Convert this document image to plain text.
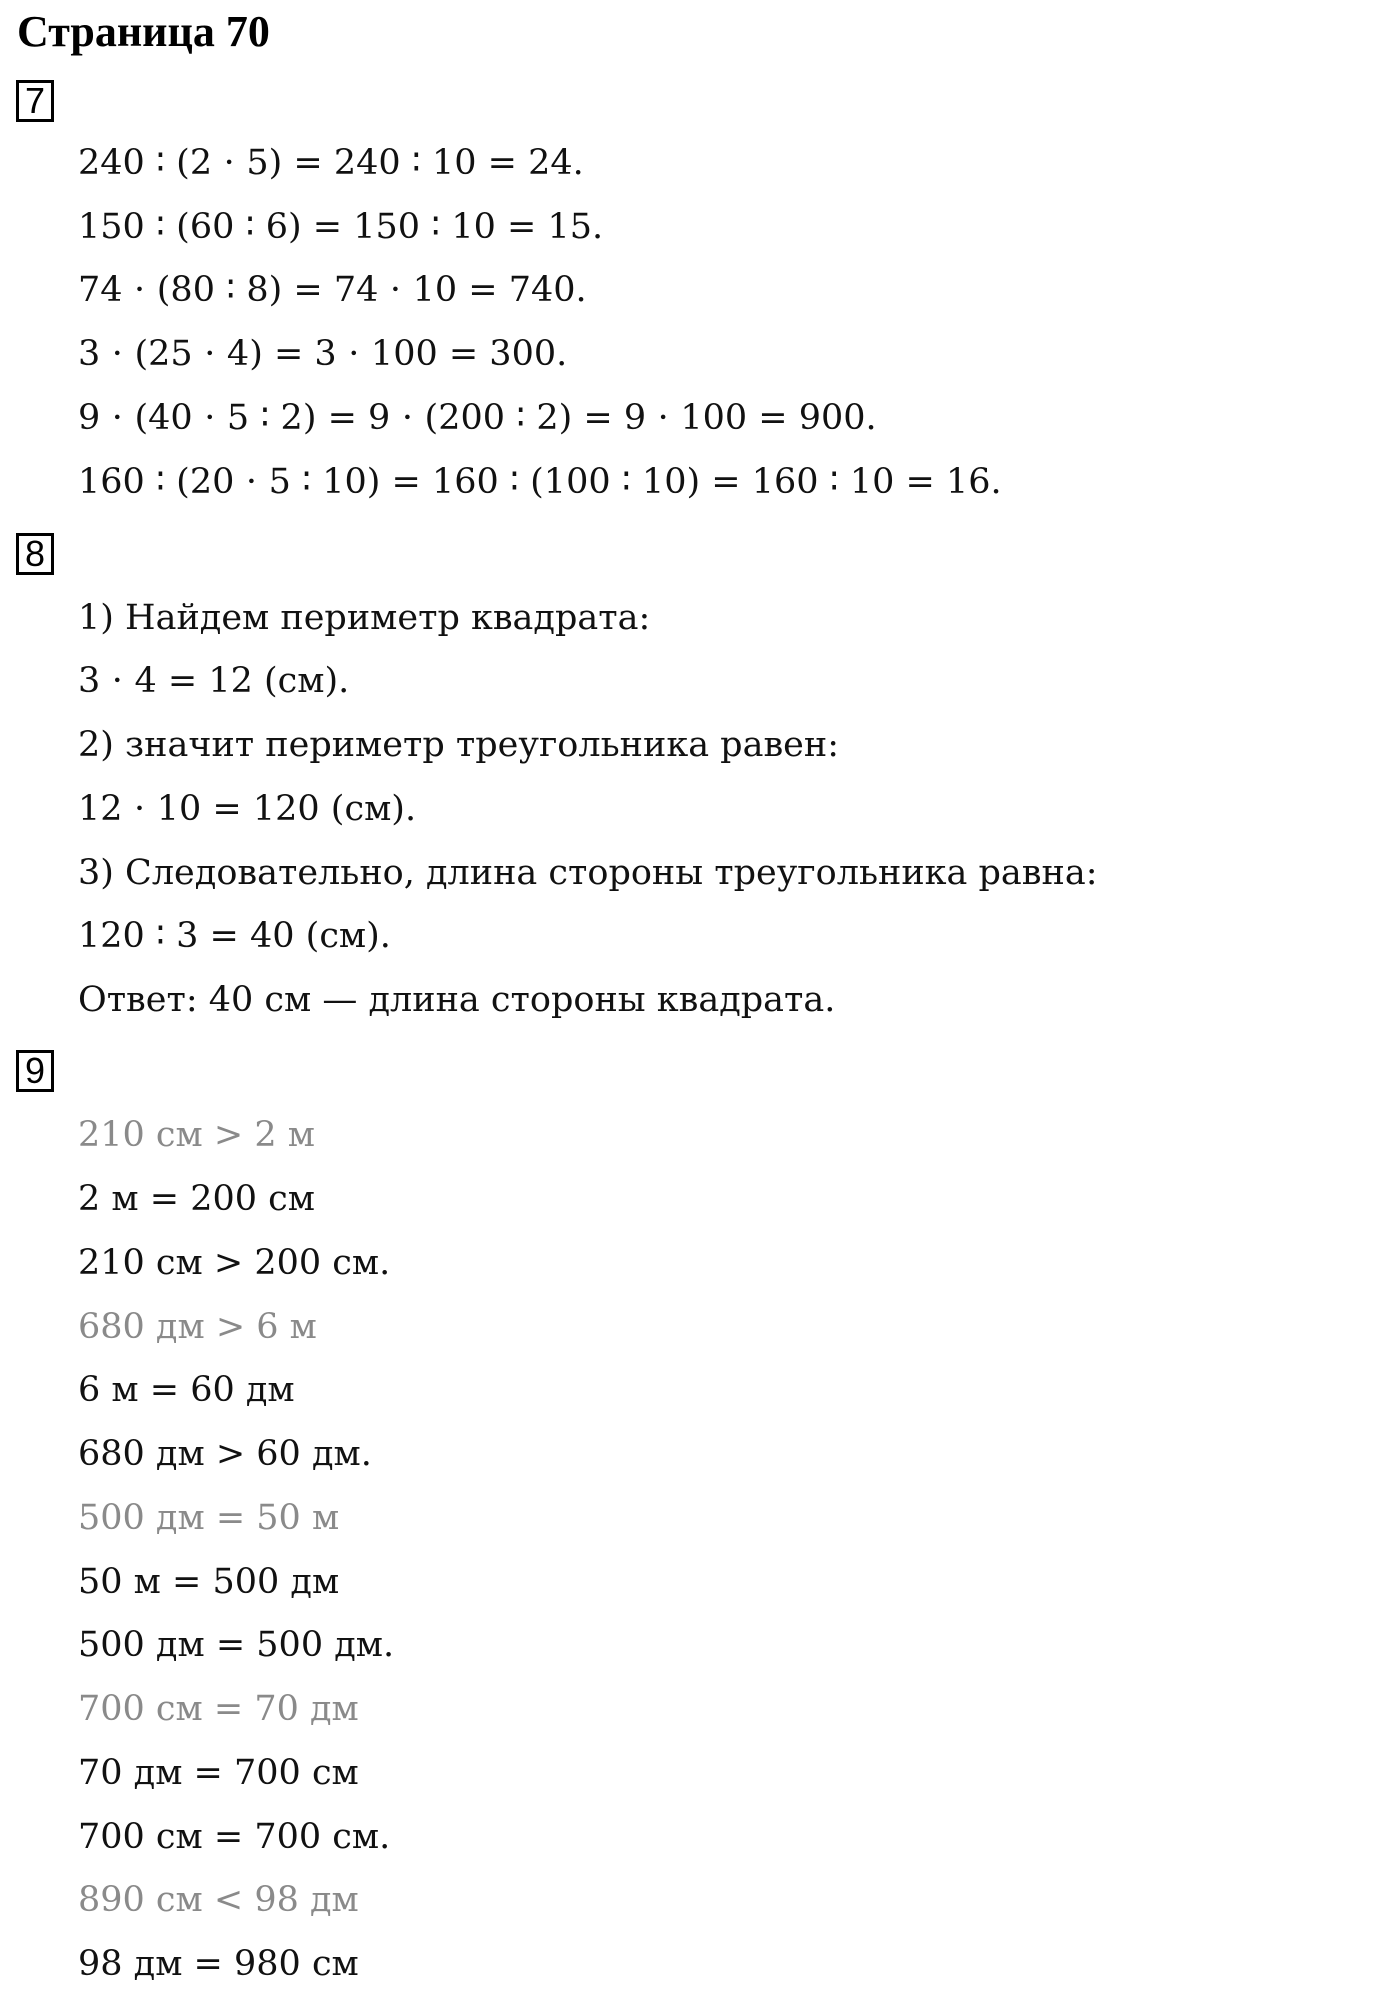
Страница 70
7
240 ∶ (2 ⋅ 5) = 240 ∶ 10 = 24.
150 ∶ (60 ∶ 6) = 150 ∶ 10 = 15.
74 ⋅ (80 ∶ 8) = 74 ⋅ 10 = 740.
3 ⋅ (25 ⋅ 4) = 3 ⋅ 100 = 300.
9 ⋅ (40 ⋅ 5 ∶ 2) = 9 ⋅ (200 ∶ 2) = 9 ⋅ 100 = 900.
160 ∶ (20 ⋅ 5 ∶ 10) = 160 ∶ (100 ∶ 10) = 160 ∶ 10 = 16.
8
1) Найдем периметр квадрата:
3 ⋅ 4 = 12 (см).
2) значит периметр треугольника равен:
12 ⋅ 10 = 120 (см).
3) Следовательно, длина стороны треугольника равна:
120 ∶ 3 = 40 (см).
Ответ: 40 см — длина стороны квадрата.
9
210 см > 2 м
2 м = 200 см
210 см > 200 см.
680 дм > 6 м
6 м = 60 дм
680 дм > 60 дм.
500 дм = 50 м
50 м = 500 дм
500 дм = 500 дм.
700 см = 70 дм
70 дм = 700 см
700 см = 700 см.
890 см < 98 дм
98 дм = 980 см
